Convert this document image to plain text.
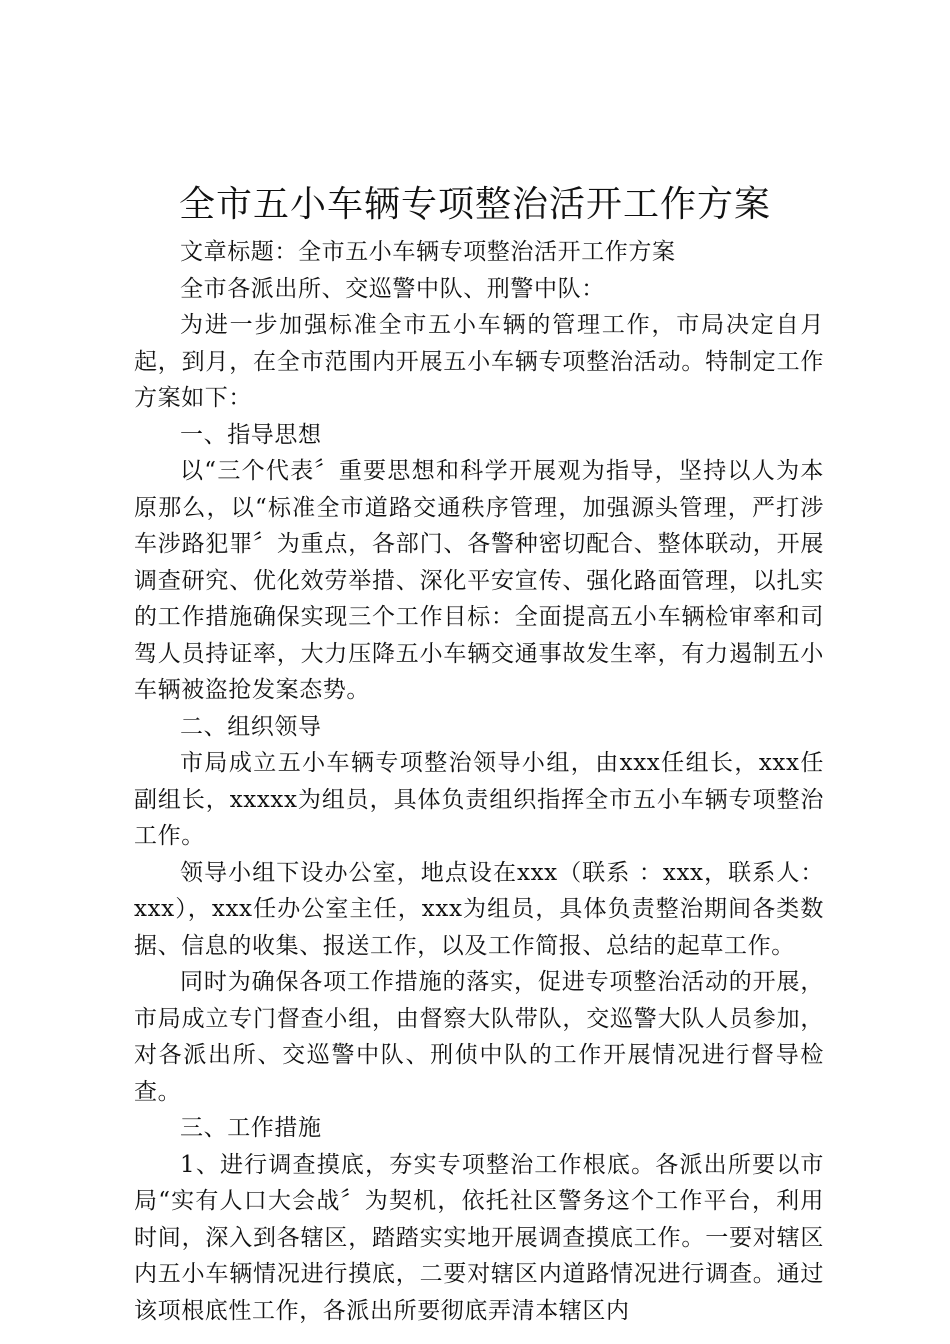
全市五小车辆专项整治活开工作方案

文章标题：全市五小车辆专项整治活开工作方案

全市各派出所、交巡警中队、刑警中队：

为进一步加强标准全市五小车辆的管理工作，市局决定自月起，到月，在全市范围内开展五小车辆专项整治活动。特制定工作方案如下：

一、指导思想

以“三个代表〞重要思想和科学开展观为指导，坚持以人为本原那么，以“标准全市道路交通秩序管理，加强源头管理，严打涉车涉路犯罪〞为重点，各部门、各警种密切配合、整体联动，开展调查研究、优化效劳举措、深化平安宣传、强化路面管理，以扎实的工作措施确保实现三个工作目标：全面提高五小车辆检审率和司驾人员持证率，大力压降五小车辆交通事故发生率，有力遏制五小车辆被盗抢发案态势。

二、组织领导

市局成立五小车辆专项整治领导小组，由xxx任组长，xxx任副组长，xxxxx为组员，具体负责组织指挥全市五小车辆专项整治工作。

领导小组下设办公室，地点设在xxx（联系 ：xxx，联系人：xxx），xxx任办公室主任，xxx为组员，具体负责整治期间各类数据、信息的收集、报送工作，以及工作简报、总结的起草工作。

同时为确保各项工作措施的落实，促进专项整治活动的开展，市局成立专门督查小组，由督察大队带队，交巡警大队人员参加，对各派出所、交巡警中队、刑侦中队的工作开展情况进行督导检查。

三、工作措施

1、进行调查摸底，夯实专项整治工作根底。各派出所要以市局“实有人口大会战〞为契机，依托社区警务这个工作平台，利用时间，深入到各辖区，踏踏实实地开展调查摸底工作。一要对辖区内五小车辆情况进行摸底，二要对辖区内道路情况进行调查。通过该项根底性工作，各派出所要彻底弄清本辖区内
